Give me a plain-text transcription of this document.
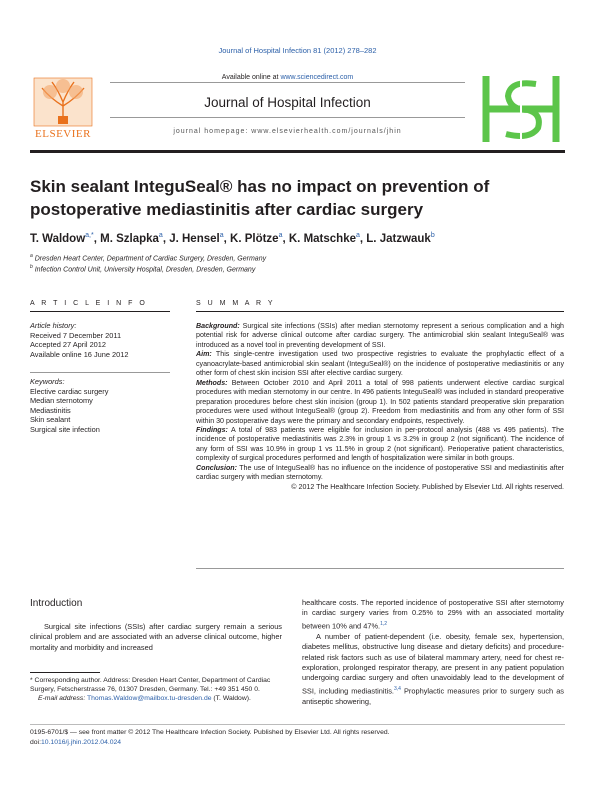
Journal of Hospital Infection 81 (2012) 278–282
ELSEVIER
Available online at www.sciencedirect.com
Journal of Hospital Infection
journal homepage: www.elsevierhealth.com/journals/jhin
Skin sealant InteguSeal® has no impact on prevention of
postoperative mediastinitis after cardiac surgery
T. Waldow$^{a,*}$, M. Szlapka$^a$, J. Hensel$^a$, K. Plötze$^a$, K. Matschke$^a$, L. Jatzwauk$^b$
$^a$ Dresden Heart Center, Department of Cardiac Surgery, Dresden, Germany
$^b$ Infection Control Unit, University Hospital, Dresden, Dresden, Germany
A R T I C L E I N F O
Article history:
Received 7 December 2011
Accepted 27 April 2012
Available online 16 June 2012
Keywords:
Elective cardiac surgery
Median sternotomy
Mediastinitis
Skin sealant
Surgical site infection
S U M M A R Y

Background: Surgical site infections (SSIs) after median sternotomy represent a serious complication and a high potential risk for adverse clinical outcome after cardiac surgery. The antimicrobial skin sealant InteguSeal® was introduced as a novel tool in preventing development of SSI.

Aim: This single-centre investigation used two prospective registries to evaluate the prophylactic effect of a cyanoacrylate-based antimicrobial skin sealant (InteguSeal®) on the incidence of postoperative mediastinitis or any other form of chest skin incision SSI after elective cardiac surgery.

Methods: Between October 2010 and April 2011 a total of 998 patients underwent elective cardiac surgical procedures with median sternotomy in our centre. In 496 patients InteguSeal® was included in standard preoperative preparation procedures before chest skin incision (group 1). In 502 patients standard preoperative skin preparation procedures were used without InteguSeal® (group 2). Freedom from mediastinitis and from any other form of SSI within 30 postoperative days were the primary and secondary endpoints, respectively.

Findings: A total of 983 patients were eligible for inclusion in per-protocol analysis (488 vs 495 patients). The incidence of postoperative mediastinitis was 2.3% in group 1 vs 3.2% in group 2 (not significant). The incidence of any form of SSI was 10.9% in group 1 vs 11.5% in group 2 (not significant). Perioperative patient characteristics, complexity of surgical procedures performed and length of hospitalization were similar in both groups.

Conclusion: The use of InteguSeal® has no influence on the incidence of postoperative SSI and mediastinitis after cardiac surgery with median sternotomy.

© 2012 The Healthcare Infection Society. Published by Elsevier Ltd. All rights reserved.

Introduction
Surgical site infections (SSIs) after cardiac surgery remain a serious clinical problem and are associated with an adverse clinical outcome, higher mortality and morbidity and increased

healthcare costs. The reported incidence of postoperative SSI after sternotomy in cardiac surgery varies from 0.25% to 29% with an associated mortality between 10% and 47%.$^{1,2}$

A number of patient-dependent (i.e. obesity, female sex, hypertension, diabetes mellitus, obstructive lung disease and dietary deficits) and procedure-related risk factors such as use of bilateral mammary artery, need for chest re-exploration, prolonged respirator therapy, are present in any patient population undergoing cardiac surgery and often unavoidably lead to the development of SSI, including mediastinitis.$^{3,4}$ Prophylactic measures prior to surgery such as antiseptic showering,

* Corresponding author. Address: Dresden Heart Center, Department of Cardiac Surgery, Fetscherstrasse 76, 01307 Dresden, Germany. Tel.: +49 351 450 0.
E-mail address: Thomas.Waldow@mailbox.tu-dresden.de (T. Waldow).
0195-6701/$ — see front matter © 2012 The Healthcare Infection Society. Published by Elsevier Ltd. All rights reserved.
doi:10.1016/j.jhin.2012.04.024
